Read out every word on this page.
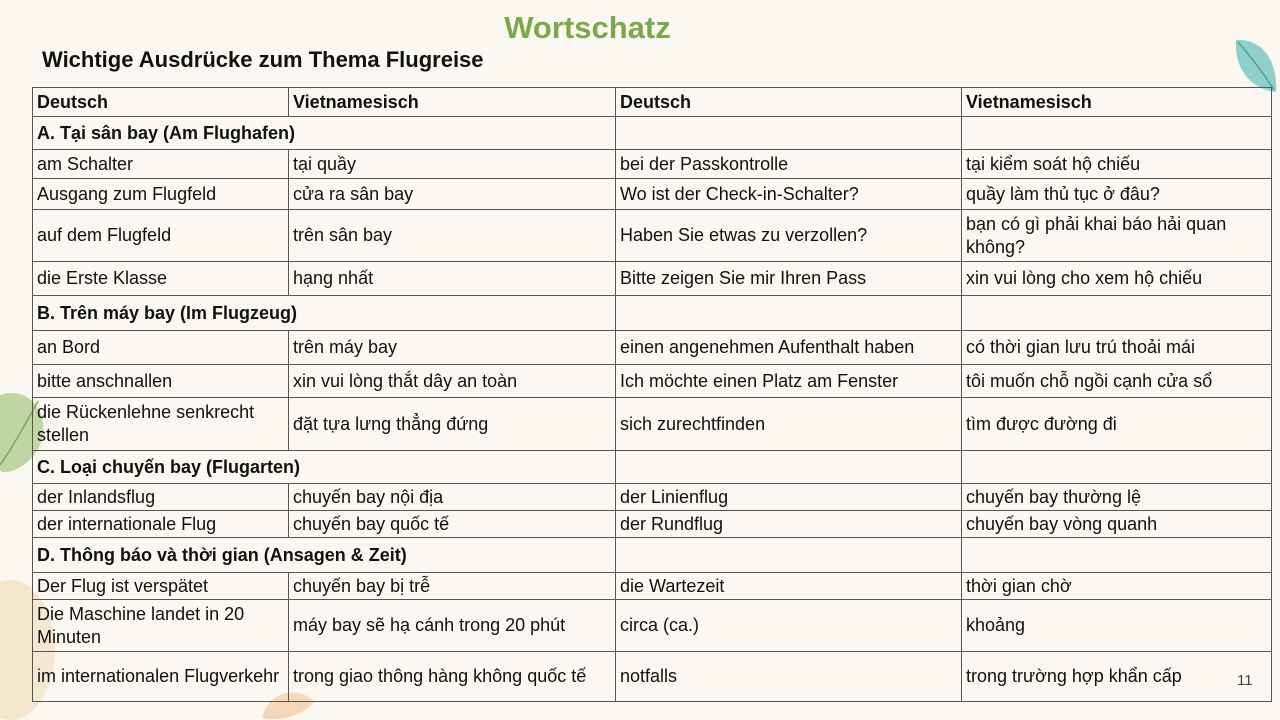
Wortschatz
Wichtige Ausdrücke zum Thema Flugreise
Deutsch	Vietnamesisch	Deutsch	Vietnamesisch
A. Tại sân bay (Am Flughafen)			
am Schalter	tại quầy	bei der Passkontrolle	tại kiểm soát hộ chiếu
Ausgang zum Flugfeld	cửa ra sân bay	Wo ist der Check-in-Schalter?	quầy làm thủ tục ở đâu?
auf dem Flugfeld	trên sân bay	Haben Sie etwas zu verzollen?	bạn có gì phải khai báo hải quan không?
die Erste Klasse	hạng nhất	Bitte zeigen Sie mir Ihren Pass	xin vui lòng cho xem hộ chiếu
B. Trên máy bay (Im Flugzeug)			
an Bord	trên máy bay	einen angenehmen Aufenthalt haben	có thời gian lưu trú thoải mái
bitte anschnallen	xin vui lòng thắt dây an toàn	Ich möchte einen Platz am Fenster	tôi muốn chỗ ngồi cạnh cửa sổ
die Rückenlehne senkrecht stellen	đặt tựa lưng thẳng đứng	sich zurechtfinden	tìm được đường đi
C. Loại chuyến bay (Flugarten)			
der Inlandsflug	chuyến bay nội địa	der Linienflug	chuyến bay thường lệ
der internationale Flug	chuyến bay quốc tế	der Rundflug	chuyến bay vòng quanh
D. Thông báo và thời gian (Ansagen & Zeit)			
Der Flug ist verspätet	chuyến bay bị trễ	die Wartezeit	thời gian chờ
Die Maschine landet in 20 Minuten	máy bay sẽ hạ cánh trong 20 phút	circa (ca.)	khoảng
im internationalen Flugverkehr	trong giao thông hàng không quốc tế	notfalls	trong trường hợp khẩn cấp	11
